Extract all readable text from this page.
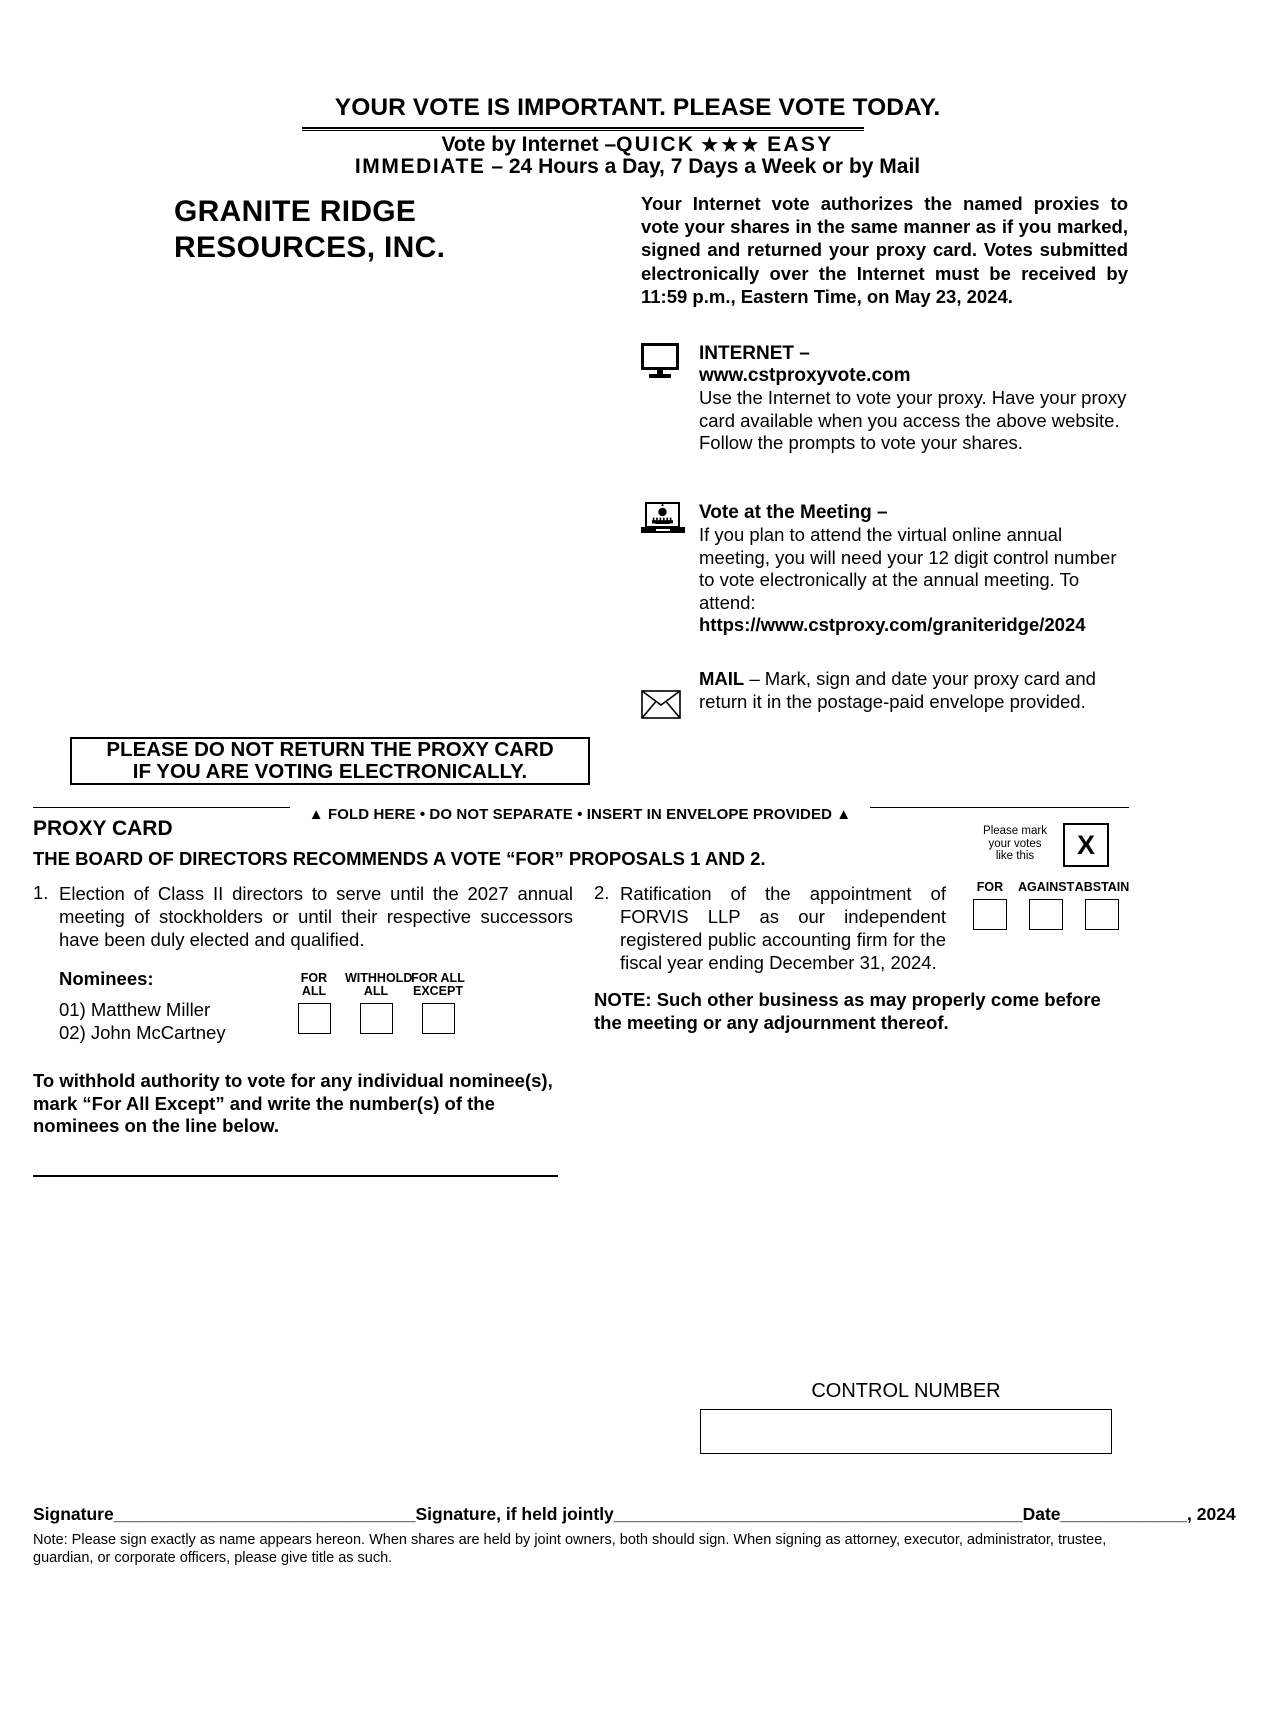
YOUR VOTE IS IMPORTANT. PLEASE VOTE TODAY.
Vote by Internet –QUICK ★★★ EASY
IMMEDIATE – 24 Hours a Day, 7 Days a Week or by Mail
GRANITE RIDGE
RESOURCES, INC.
Your Internet vote authorizes the named proxies to vote your shares in the same manner as if you marked, signed and returned your proxy card. Votes submitted electronically over the Internet must be received by 11:59 p.m., Eastern Time, on May 23, 2024.
INTERNET –
www.cstproxyvote.com
Use the Internet to vote your proxy. Have your proxy card available when you access the above website. Follow the prompts to vote your shares.
Vote at the Meeting –
If you plan to attend the virtual online annual meeting, you will need your 12 digit control number to vote electronically at the annual meeting. To attend:
https://www.cstproxy.com/graniteridge/2024
MAIL – Mark, sign and date your proxy card and return it in the postage-paid envelope provided.
PLEASE DO NOT RETURN THE PROXY CARD
IF YOU ARE VOTING ELECTRONICALLY.
▲ FOLD HERE • DO NOT SEPARATE • INSERT IN ENVELOPE PROVIDED ▲
PROXY CARD
THE BOARD OF DIRECTORS RECOMMENDS A VOTE “FOR” PROPOSALS 1 AND 2.
Please mark
your votes
like this	X
1. Election of Class II directors to serve until the 2027 annual meeting of stockholders or until their respective successors have been duly elected and qualified.
Nominees:
01) Matthew Miller
02) John McCartney
FOR
ALL
WITHHOLD
ALL
FOR ALL
EXCEPT
To withhold authority to vote for any individual nominee(s), mark “For All Except” and write the number(s) of the nominees on the line below.
2. Ratification of the appointment of FORVIS LLP as our independent registered public accounting firm for the fiscal year ending December 31, 2024.
FOR	AGAINST ABSTAIN
NOTE: Such other business as may properly come before the meeting or any adjournment thereof.
CONTROL NUMBER
Signature_______________________________Signature, if held jointly__________________________________________Date_____________, 2024
Note: Please sign exactly as name appears hereon. When shares are held by joint owners, both should sign. When signing as attorney, executor, administrator, trustee, guardian, or corporate officers, please give title as such.
